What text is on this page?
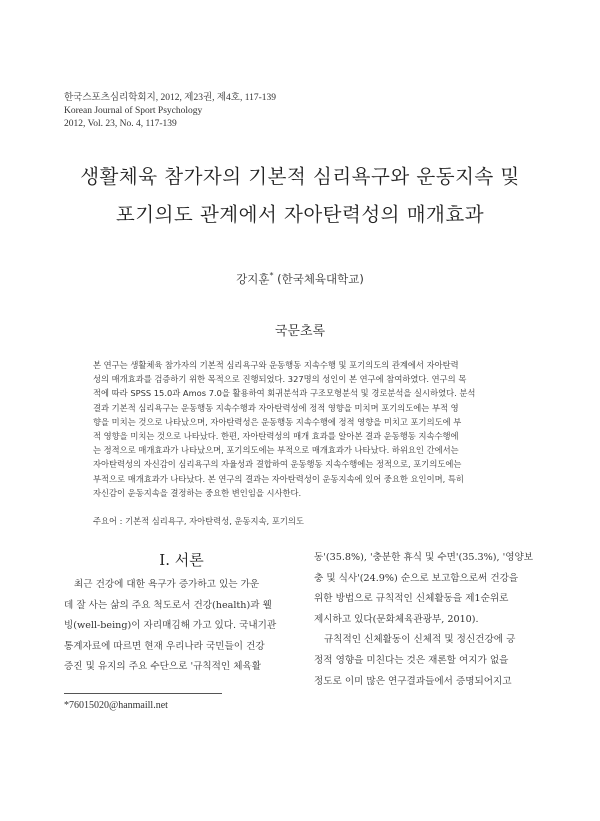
한국스포츠심리학회지, 2012, 제23권, 제4호, 117-139
Korean Journal of Sport Psychology
2012, Vol. 23, No. 4, 117-139
생활체육 참가자의 기본적 심리욕구와 운동지속 및
포기의도 관계에서 자아탄력성의 매개효과
강지훈* (한국체육대학교)
국문초록
본 연구는 생활체육 참가자의 기본적 심리욕구와 운동행동 지속수행 및 포기의도의 관계에서 자아탄력
성의 매개효과를 검증하기 위한 목적으로 진행되었다. 327명의 성인이 본 연구에 참여하였다. 연구의 목
적에 따라 SPSS 15.0과 Amos 7.0을 활용하여 회귀분석과 구조모형분석 및 경로분석을 실시하였다. 분석
결과 기본적 심리욕구는 운동행동 지속수행과 자아탄력성에 정적 영향을 미치며 포기의도에는 부적 영
향을 미치는 것으로 나타났으며, 자아탄력성은 운동행동 지속수행에 정적 영향을 미치고 포기의도에 부
적 영향을 미치는 것으로 나타났다. 한편, 자아탄력성의 매개 효과를 알아본 결과 운동행동 지속수행에
는 정적으로 매개효과가 나타났으며, 포기의도에는 부적으로 매개효과가 나타났다. 하위요인 간에서는
자아탄력성의 자신감이 심리욕구의 자율성과 결합하여 운동행동 지속수행에는 정적으로, 포기의도에는
부적으로 매개효과가 나타났다. 본 연구의 결과는 자아탄력성이 운동지속에 있어 중요한 요인이며, 특히
자신감이 운동지속을 결정하는 중요한 변인임을 시사한다.
주요어 : 기본적 심리욕구, 자아탄력성, 운동지속, 포기의도
I. 서론
최근 건강에 대한 욕구가 증가하고 있는 가운
데 잘 사는 삶의 주요 척도로서 건강(health)과 웰
빙(well-being)이 자리매김해 가고 있다. 국내기관
통계자료에 따르면 현재 우리나라 국민들이 건강
증진 및 유지의 주요 수단으로 '규칙적인 체육활
동'(35.8%), '충분한 휴식 및 수면'(35.3%), '영양보
충 및 식사'(24.9%) 순으로 보고함으로써 건강을
위한 방법으로 규칙적인 신체활동을 제1순위로
제시하고 있다(문화체육관광부, 2010).
규칙적인 신체활동이 신체적 및 정신건강에 긍
정적 영향을 미친다는 것은 재론할 여지가 없을
정도로 이미 많은 연구결과들에서 증명되어지고
*76015020@hanmaill.net
